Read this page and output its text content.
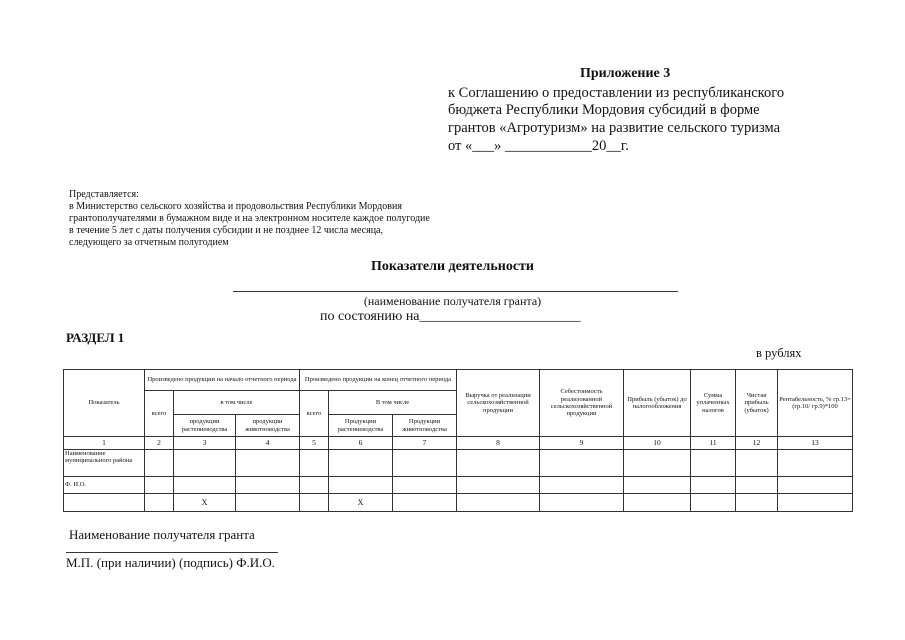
Приложение 3
к Соглашению о предоставлении из республиканского
бюджета Республики Мордовия субсидий в форме
грантов «Агротуризм» на развитие сельского туризма
от «___» ____________20__г.
Представляется:
в Министерство сельского хозяйства и продовольствия Республики Мордовия
грантополучателями в бумажном виде и на электронном носителе каждое полугодие
в течение 5 лет с даты получения субсидии и не позднее 12 числа месяца,
следующего за отчетным полугодием
Показатели деятельности
(наименование получателя гранта)
по состоянию на_______________________
РАЗДЕЛ 1
в рублях
Показатель	Произведено продукции на начало отчетного периода			Произведено продукции на конец отчетного периода			Выручка от реализации сельскохозяйственной продукции	Себестоимость реализованной сельскохозяйственной продукции	Прибыль (убыток) до налогообложения	Сумма уплаченных налогов	Чистая прибыль (убыток)	Рентабельность, % гр.13=(гр.10/ гр.9)*100
	всего	в том числе		всего	В том числе							
		продукции растениеводства	продукции животноводства		Продукции растениеводства	Продукции животноводства						
1	2	3	4	5	6	7	8	9	10	11	12	13
Наименование муниципального района												
Ф. И.О.												
		Х			Х							
Наименование получателя гранта
М.П. (при наличии) (подпись) Ф.И.О.
